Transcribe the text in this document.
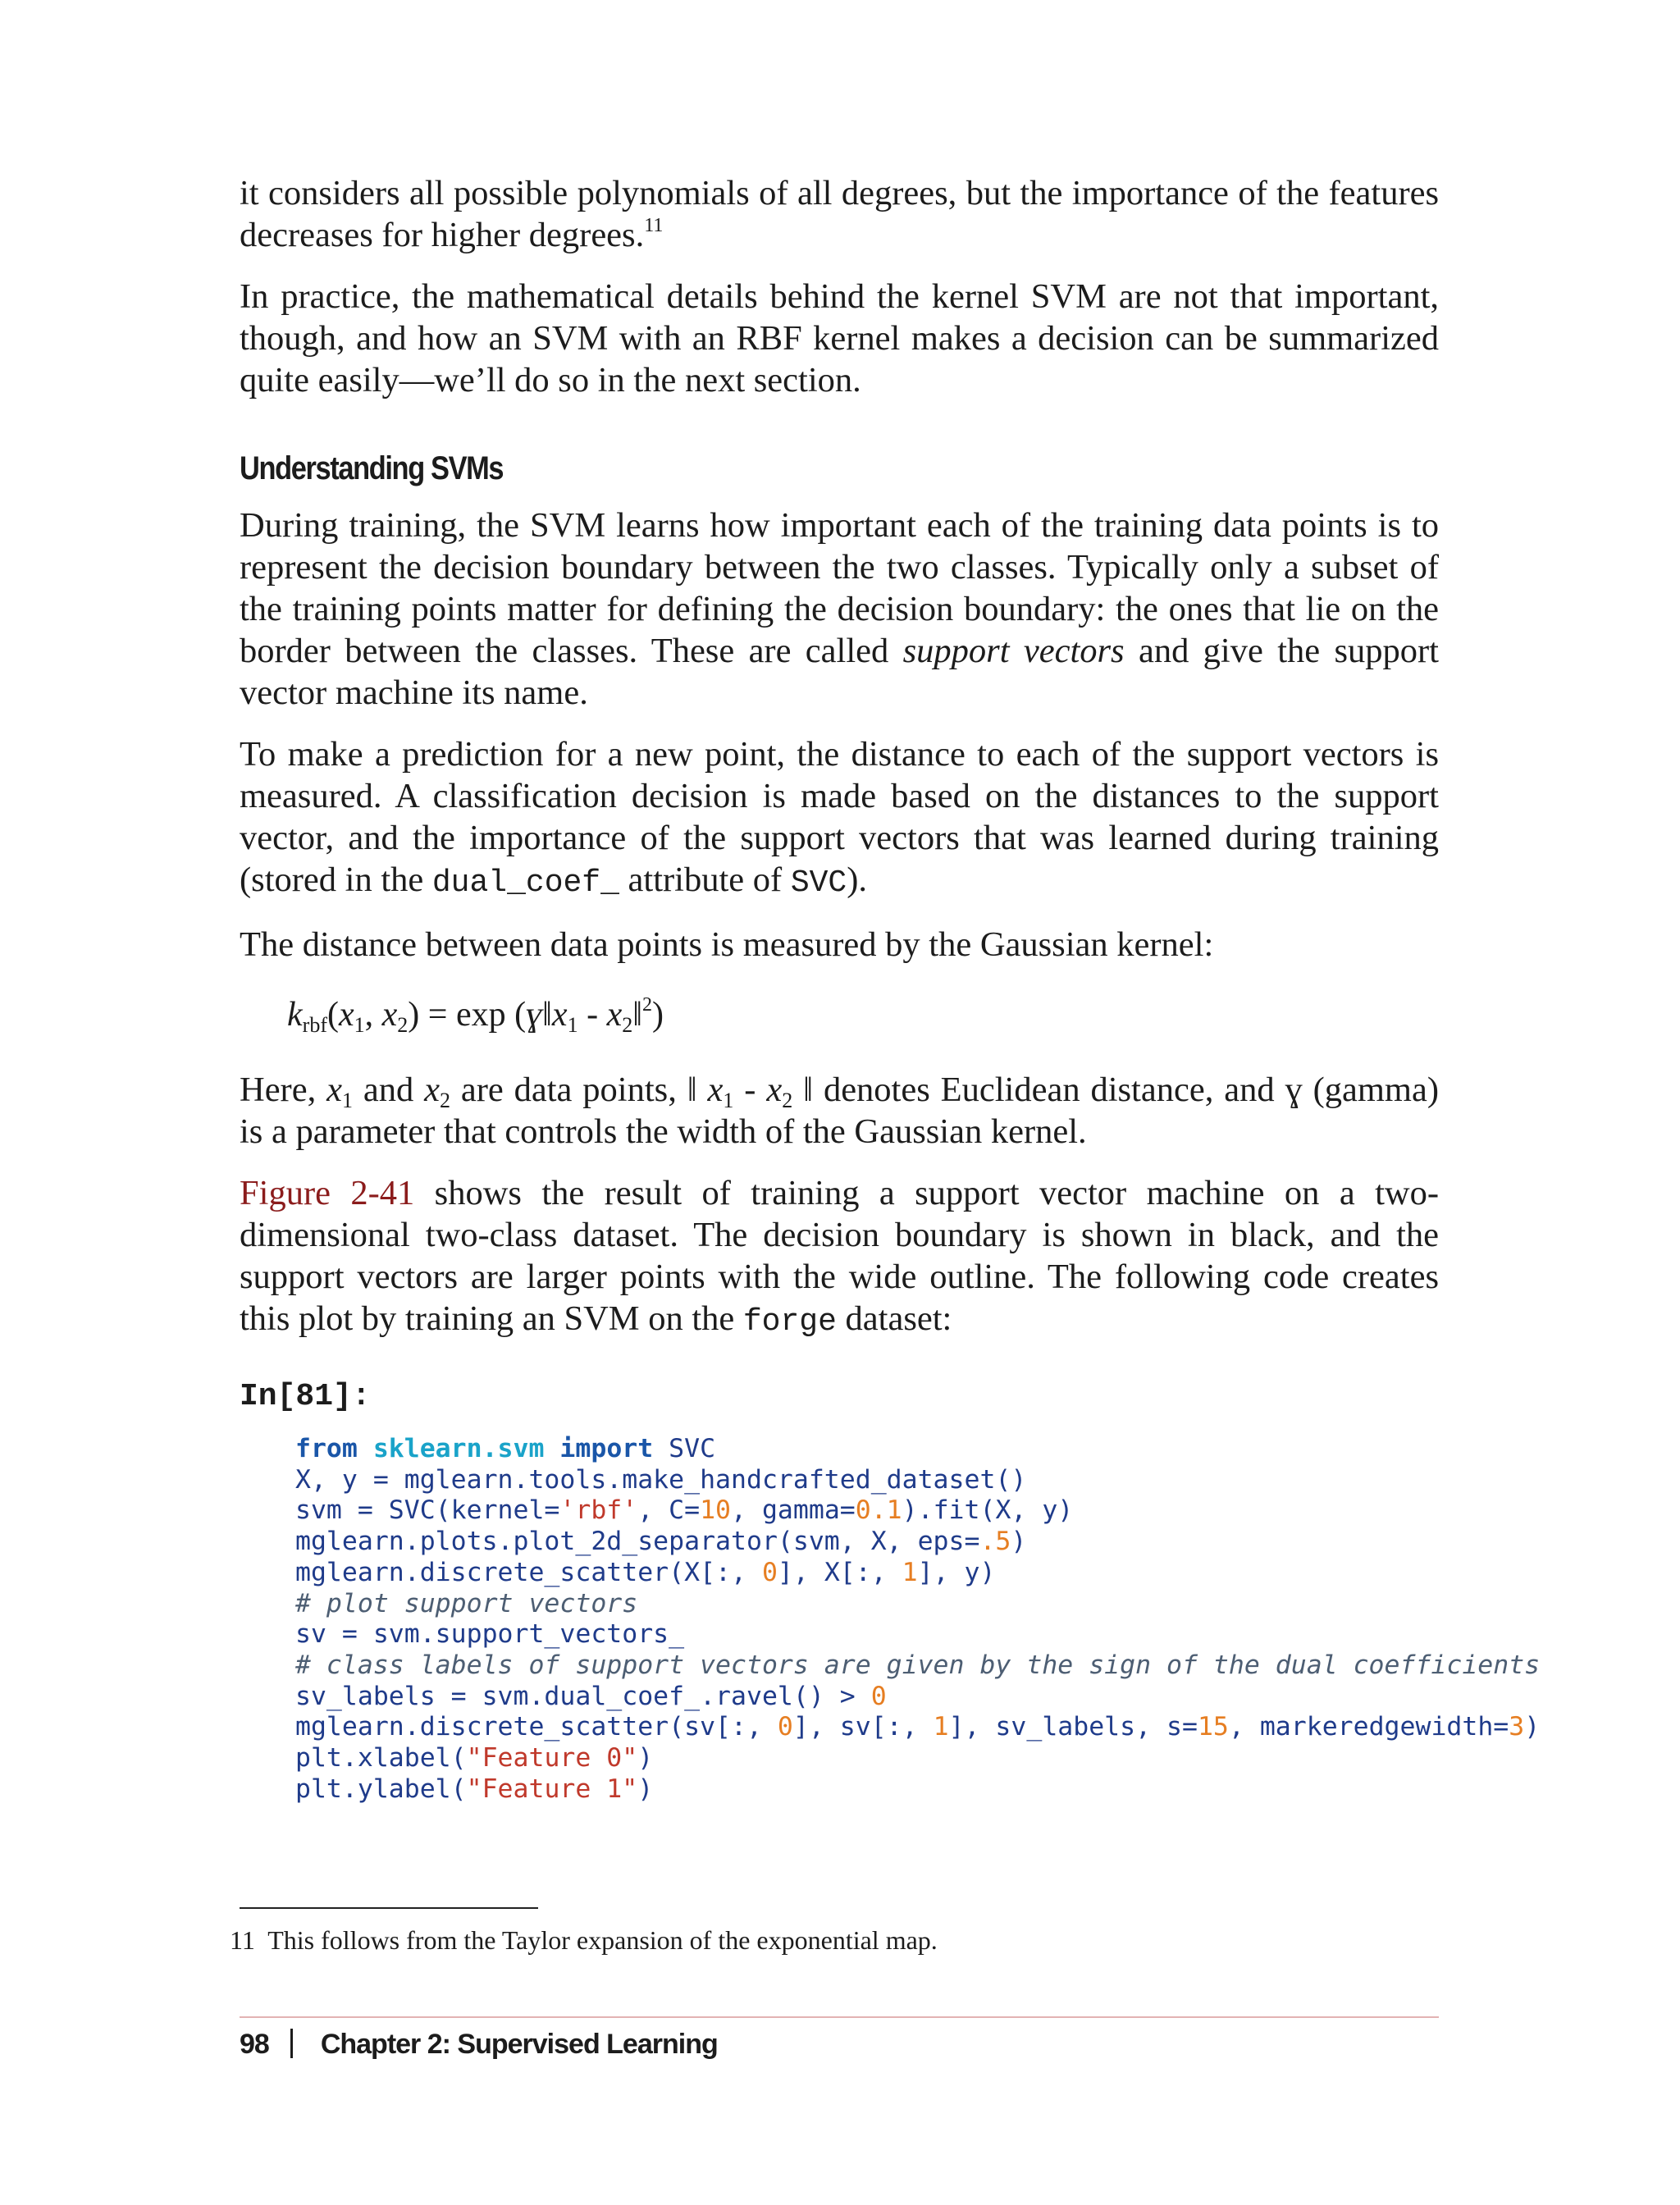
it considers all possible polynomials of all degrees, but the importance of the features decreases for higher degrees.$^{11}$

In practice, the mathematical details behind the kernel SVM are not that important, though, and how an SVM with an RBF kernel makes a decision can be summarized quite easily—we’ll do so in the next section.

Understanding SVMs

During training, the SVM learns how important each of the training data points is to represent the decision boundary between the two classes. Typically only a subset of the training points matter for defining the decision boundary: the ones that lie on the border between the classes. These are called support vectors and give the support vector machine its name.

To make a prediction for a new point, the distance to each of the support vectors is measured. A classification decision is made based on the distances to the support vector, and the importance of the support vectors that was learned during training (stored in the dual_coef_ attribute of SVC).

The distance between data points is measured by the Gaussian kernel:

$k_{rbf}(x_1$, $x_2) = \exp$ (ɣǁx$_1$ - $x_2ǁ^2$)

Here, $x_1$ and $x_2$ are data points, ǁ $x_1 - x_2$ ǁ denotes Euclidean distance, and ɣ (gamma) is a parameter that controls the width of the Gaussian kernel.

Figure 2-41 shows the result of training a support vector machine on a two-dimensional two-class dataset. The decision boundary is shown in black, and the support vectors are larger points with the wide outline. The following code creates this plot by training an SVM on the forge dataset:

In[81]:
from sklearn.svm import SVC
X, y = mglearn.tools.make_handcrafted_dataset()
svm = SVC(kernel='rbf', C=10, gamma=0.1).fit(X, y)
mglearn.plots.plot_2d_separator(svm, X, eps=.5)
mglearn.discrete_scatter(X[:, 0], X[:, 1], y)
# plot support vectors
sv = svm.support_vectors_
# class labels of support vectors are given by the sign of the dual coefficients
sv_labels = svm.dual_coef_.ravel() > 0
mglearn.discrete_scatter(sv[:, 0], sv[:, 1], sv_labels, s=15, markeredgewidth=3)
plt.xlabel("Feature 0")
plt.ylabel("Feature 1")
11 This follows from the Taylor expansion of the exponential map.
98 Chapter 2: Supervised Learning
